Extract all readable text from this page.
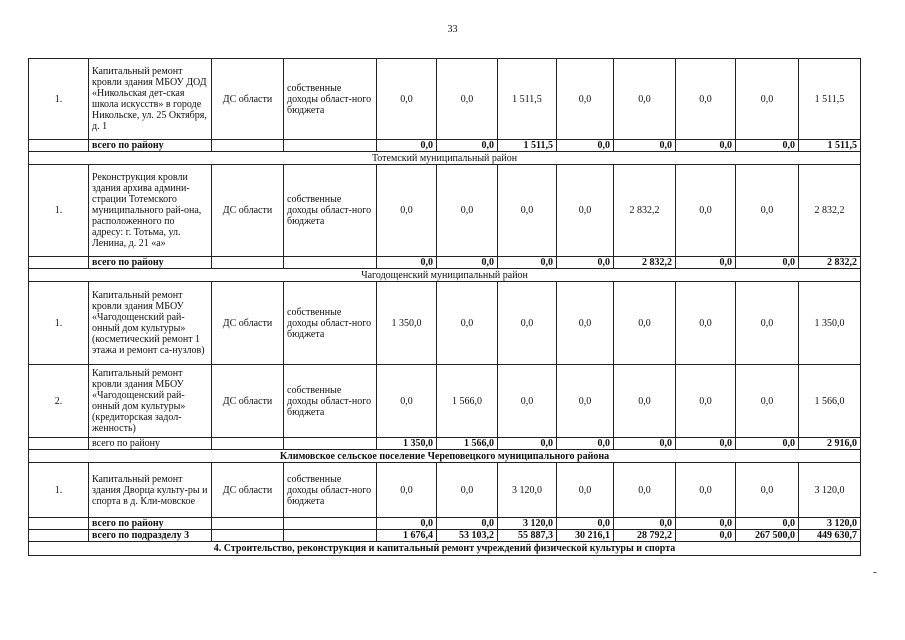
33
1.	Капитальный ремонт кровли здания МБОУ ДОД «Никольская дет-ская школа искусств» в городе Никольске, ул. 25 Октября, д. 1	ДС области	собственные доходы област-ного бюджета	0,0	0,0	1 511,5	0,0	0,0	0,0	0,0	1 511,5
	всего по району			0,0	0,0	1 511,5	0,0	0,0	0,0	0,0	1 511,5
Тотемский муниципальный район											
1.	Реконструкция кровли здания архива админи-страции Тотемского муниципального рай-она, расположенного по адресу: г. Тотьма, ул. Ленина, д. 21 «а»	ДС области	собственные доходы област-ного бюджета	0,0	0,0	0,0	0,0	2 832,2	0,0	0,0	2 832,2
	всего по району			0,0	0,0	0,0	0,0	2 832,2	0,0	0,0	2 832,2
Чагодощенский муниципальный район											
1.	Капитальный ремонт кровли здания МБОУ «Чагодощенский рай-онный дом культуры» (косметический ремонт 1 этажа и ремонт са-нузлов)	ДС области	собственные доходы област-ного бюджета	1 350,0	0,0	0,0	0,0	0,0	0,0	0,0	1 350,0
2.	Капитальный ремонт кровли здания МБОУ «Чагодощенский рай-онный дом культуры» (кредиторская задол-женность)	ДС области	собственные доходы област-ного бюджета	0,0	1 566,0	0,0	0,0	0,0	0,0	0,0	1 566,0
	всего по району			1 350,0	1 566,0	0,0	0,0	0,0	0,0	0,0	2 916,0
Климовское сельское поселение Череповецкого муниципального района											
1.	Капитальный ремонт здания Дворца культу-ры и спорта в д. Кли-мовское	ДС области	собственные доходы област-ного бюджета	0,0	0,0	3 120,0	0,0	0,0	0,0	0,0	3 120,0
	всего по району			0,0	0,0	3 120,0	0,0	0,0	0,0	0,0	3 120,0
	всего по подразделу 3			1 676,4	53 103,2	55 887,3	30 216,1	28 792,2	0,0	267 500,0	449 630,7
4. Строительство, реконструкция и капитальный ремонт учреждений физической культуры и спорта											
-
